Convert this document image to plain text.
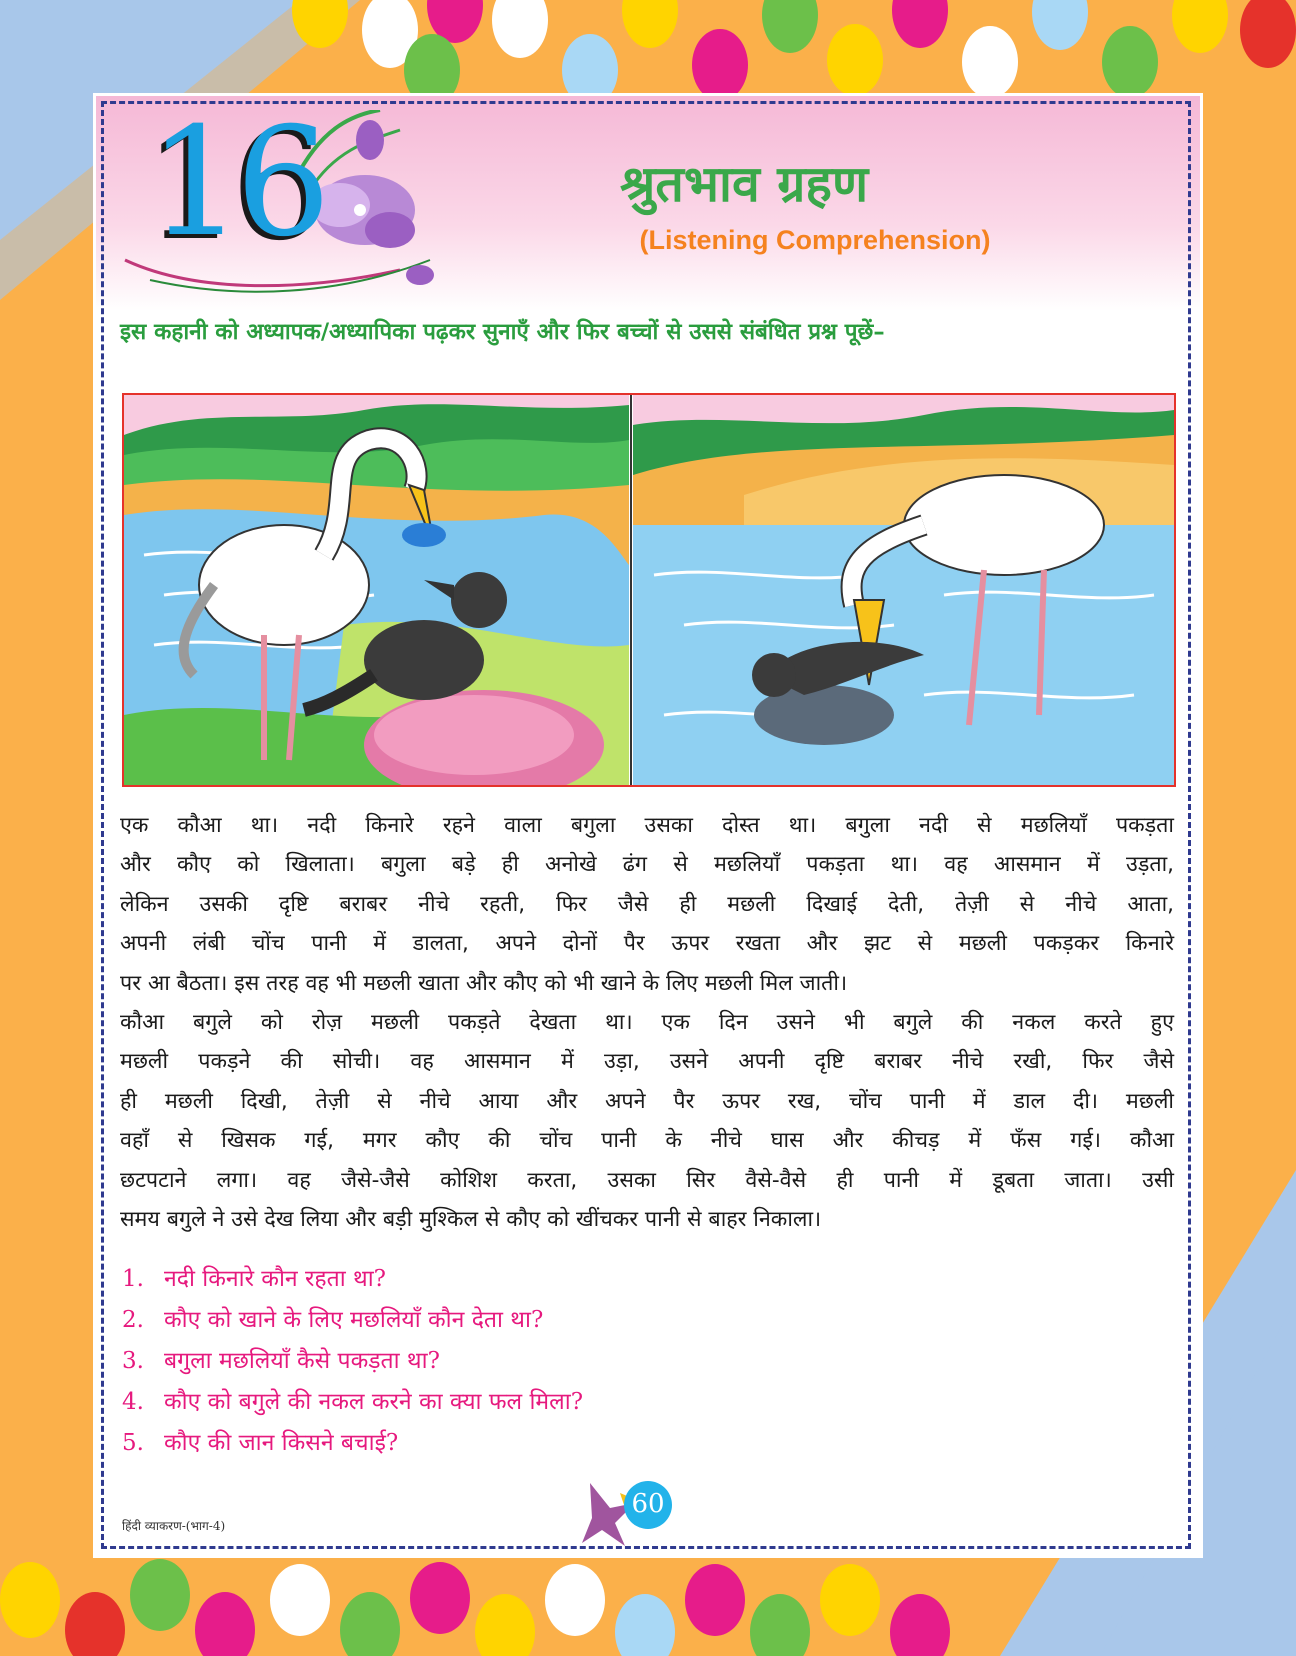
16	श्रुतभाव ग्रहण
(Listening Comprehension)
इस कहानी को अध्यापक/अध्यापिका पढ़कर सुनाएँ और फिर बच्चों से उससे संबंधित प्रश्न पूछें–

एक कौआ था। नदी किनारे रहने वाला बगुला उसका दोस्त था। बगुला नदी से मछलियाँ पकड़ता

और कौए को खिलाता। बगुला बड़े ही अनोखे ढंग से मछलियाँ पकड़ता था। वह आसमान में उड़ता,

लेकिन उसकी दृष्टि बराबर नीचे रहती, फिर जैसे ही मछली दिखाई देती, तेज़ी से नीचे आता,

अपनी लंबी चोंच पानी में डालता, अपने दोनों पैर ऊपर रखता और झट से मछली पकड़कर किनारे

पर आ बैठता। इस तरह वह भी मछली खाता और कौए को भी खाने के लिए मछली मिल जाती।

कौआ बगुले को रोज़ मछली पकड़ते देखता था। एक दिन उसने भी बगुले की नकल करते हुए

मछली पकड़ने की सोची। वह आसमान में उड़ा, उसने अपनी दृष्टि बराबर नीचे रखी, फिर जैसे

ही मछली दिखी, तेज़ी से नीचे आया और अपने पैर ऊपर रख, चोंच पानी में डाल दी। मछली

वहाँ से खिसक गई, मगर कौए की चोंच पानी के नीचे घास और कीचड़ में फँस गई। कौआ

छटपटाने लगा। वह जैसे-जैसे कोशिश करता, उसका सिर वैसे-वैसे ही पानी में डूबता जाता। उसी

समय बगुले ने उसे देख लिया और बड़ी मुश्किल से कौए को खींचकर पानी से बाहर निकाला।

1. नदी किनारे कौन रहता था?
2. कौए को खाने के लिए मछलियाँ कौन देता था?
3. बगुला मछलियाँ कैसे पकड़ता था?
4. कौए को बगुले की नकल करने का क्या फल मिला?
5. कौए की जान किसने बचाई?
60
हिंदी व्याकरण-(भाग-4)
